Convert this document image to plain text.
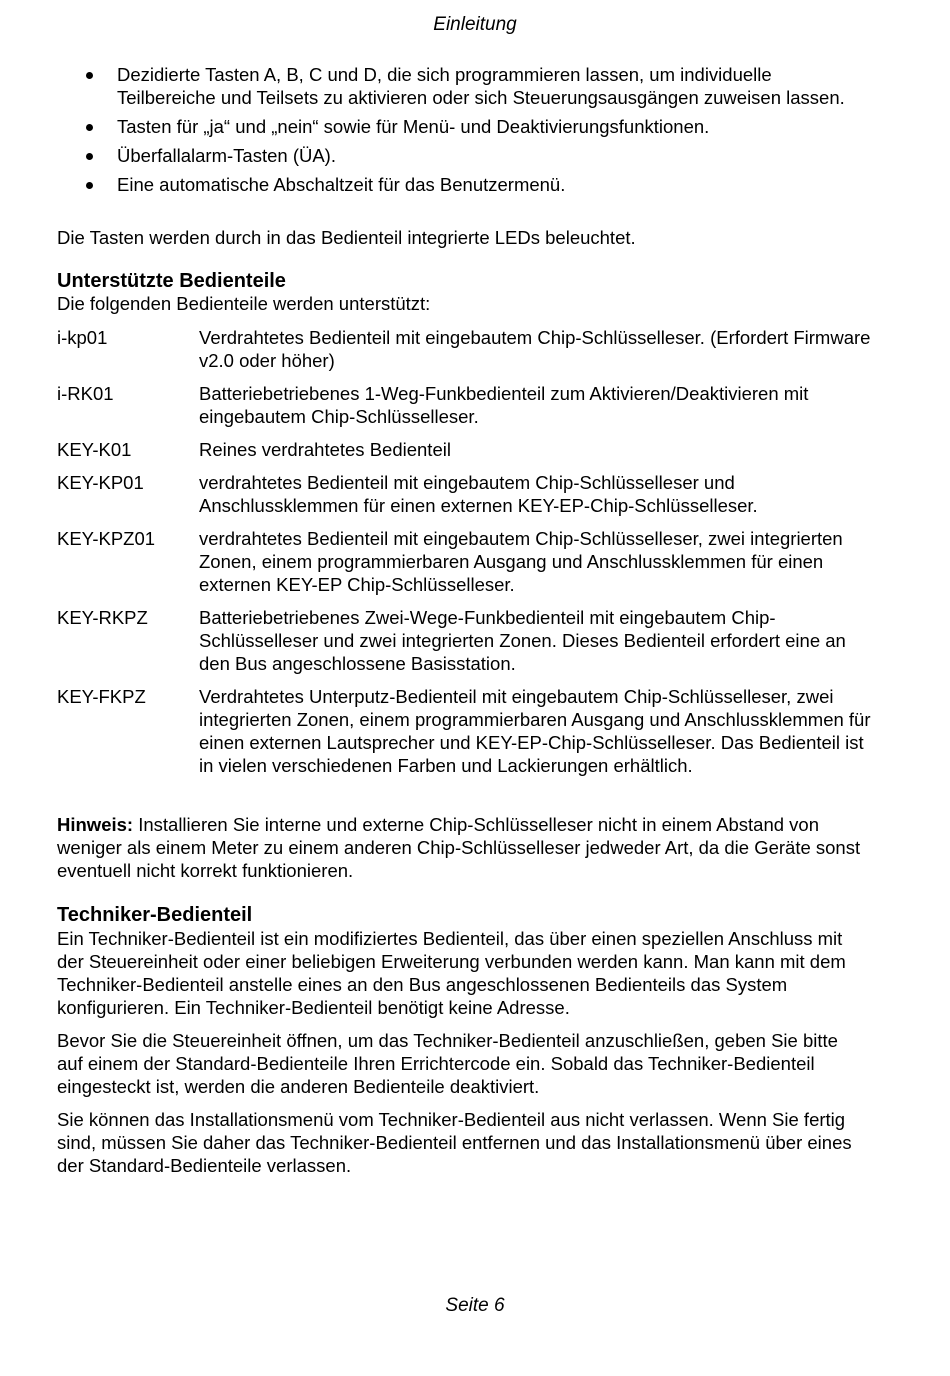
Einleitung
Dezidierte Tasten A, B, C und D, die sich programmieren lassen, um individuelle Teilbereiche und Teilsets zu aktivieren oder sich Steuerungsausgängen zuweisen lassen.
Tasten für „ja“ und „nein“ sowie für Menü- und Deaktivierungsfunktionen.
Überfallalarm-Tasten (ÜA).
Eine automatische Abschaltzeit für das Benutzermenü.
Die Tasten werden durch in das Bedienteil integrierte LEDs beleuchtet.
Unterstützte Bedienteile
Die folgenden Bedienteile werden unterstützt:
i-kp01	Verdrahtetes Bedienteil mit eingebautem Chip-Schlüsselleser. (Erfordert Firmware v2.0 oder höher)
i-RK01	Batteriebetriebenes 1-Weg-Funkbedienteil zum Aktivieren/Deaktivieren mit eingebautem Chip-Schlüsselleser.
KEY-K01	Reines verdrahtetes Bedienteil
KEY-KP01	verdrahtetes Bedienteil mit eingebautem Chip-Schlüsselleser und Anschlussklemmen für einen externen KEY-EP-Chip-Schlüsselleser.
KEY-KPZ01	verdrahtetes Bedienteil mit eingebautem Chip-Schlüsselleser, zwei integrierten Zonen, einem programmierbaren Ausgang und Anschlussklemmen für einen externen KEY-EP Chip-Schlüsselleser.
KEY-RKPZ	Batteriebetriebenes Zwei-Wege-Funkbedienteil mit eingebautem Chip-Schlüsselleser und zwei integrierten Zonen. Dieses Bedienteil erfordert eine an den Bus angeschlossene Basisstation.
KEY-FKPZ	Verdrahtetes Unterputz-Bedienteil mit eingebautem Chip-Schlüsselleser, zwei integrierten Zonen, einem programmierbaren Ausgang und Anschlussklemmen für einen externen Lautsprecher und KEY-EP-Chip-Schlüsselleser. Das Bedienteil ist in vielen verschiedenen Farben und Lackierungen erhältlich.
Hinweis: Installieren Sie interne und externe Chip-Schlüsselleser nicht in einem Abstand von weniger als einem Meter zu einem anderen Chip-Schlüsselleser jedweder Art, da die Geräte sonst eventuell nicht korrekt funktionieren.
Techniker-Bedienteil

Ein Techniker-Bedienteil ist ein modifiziertes Bedienteil, das über einen speziellen Anschluss mit der Steuereinheit oder einer beliebigen Erweiterung verbunden werden kann. Man kann mit dem Techniker-Bedienteil anstelle eines an den Bus angeschlossenen Bedienteils das System konfigurieren. Ein Techniker-Bedienteil benötigt keine Adresse.

Bevor Sie die Steuereinheit öffnen, um das Techniker-Bedienteil anzuschließen, geben Sie bitte auf einem der Standard-Bedienteile Ihren Errichtercode ein. Sobald das Techniker-Bedienteil eingesteckt ist, werden die anderen Bedienteile deaktiviert.

Sie können das Installationsmenü vom Techniker-Bedienteil aus nicht verlassen. Wenn Sie fertig sind, müssen Sie daher das Techniker-Bedienteil entfernen und das Installationsmenü über eines der Standard-Bedienteile verlassen.

Seite 6
